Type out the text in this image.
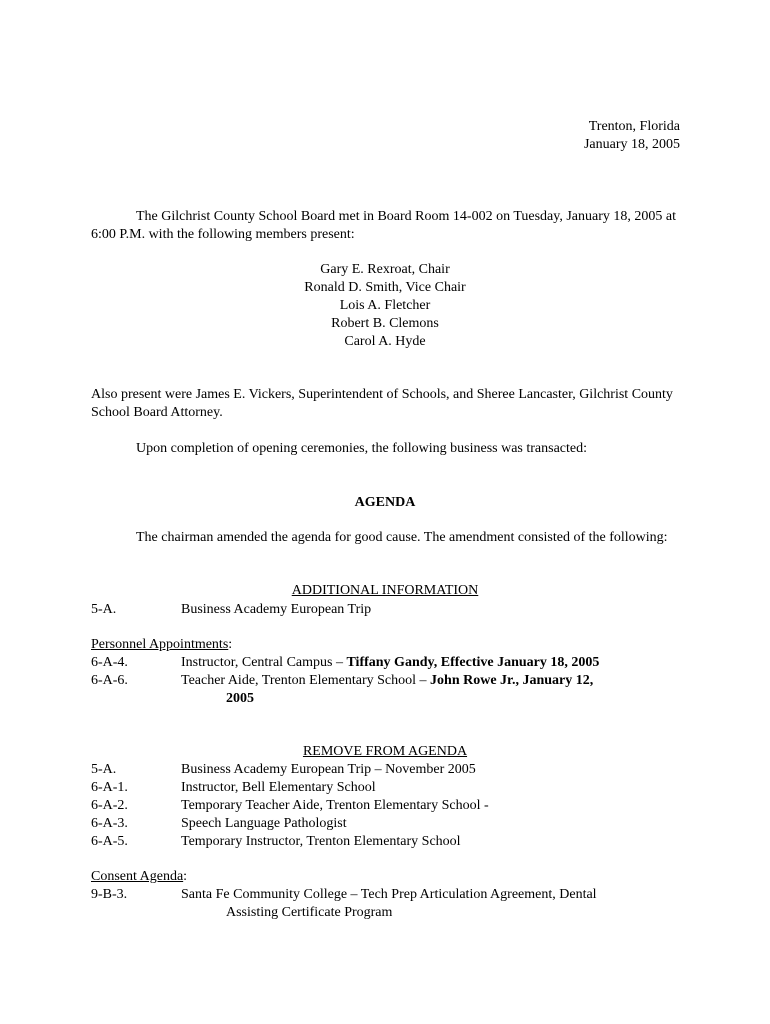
Trenton, Florida
January 18, 2005
The Gilchrist County School Board met in Board Room 14-002 on Tuesday, January 18, 2005 at 6:00 P.M. with the following members present:
Gary E. Rexroat, Chair
Ronald D. Smith, Vice Chair
Lois A. Fletcher
Robert B. Clemons
Carol A. Hyde
Also present were James E. Vickers, Superintendent of Schools, and Sheree Lancaster, Gilchrist County School Board Attorney.
Upon completion of opening ceremonies, the following business was transacted:
AGENDA
The chairman amended the agenda for good cause. The amendment consisted of the following:
ADDITIONAL INFORMATION
5-A.	Business Academy European Trip
Personnel Appointments:
6-A-4.	Instructor, Central Campus – Tiffany Gandy, Effective January 18, 2005
6-A-6.	Teacher Aide, Trenton Elementary School – John Rowe Jr., January 12,
2005
REMOVE FROM AGENDA
5-A.	Business Academy European Trip – November 2005
6-A-1.	Instructor, Bell Elementary School
6-A-2.	Temporary Teacher Aide, Trenton Elementary School -
6-A-3.	Speech Language Pathologist
6-A-5.	Temporary Instructor, Trenton Elementary School
Consent Agenda:
9-B-3.	Santa Fe Community College – Tech Prep Articulation Agreement, Dental
Assisting Certificate Program
